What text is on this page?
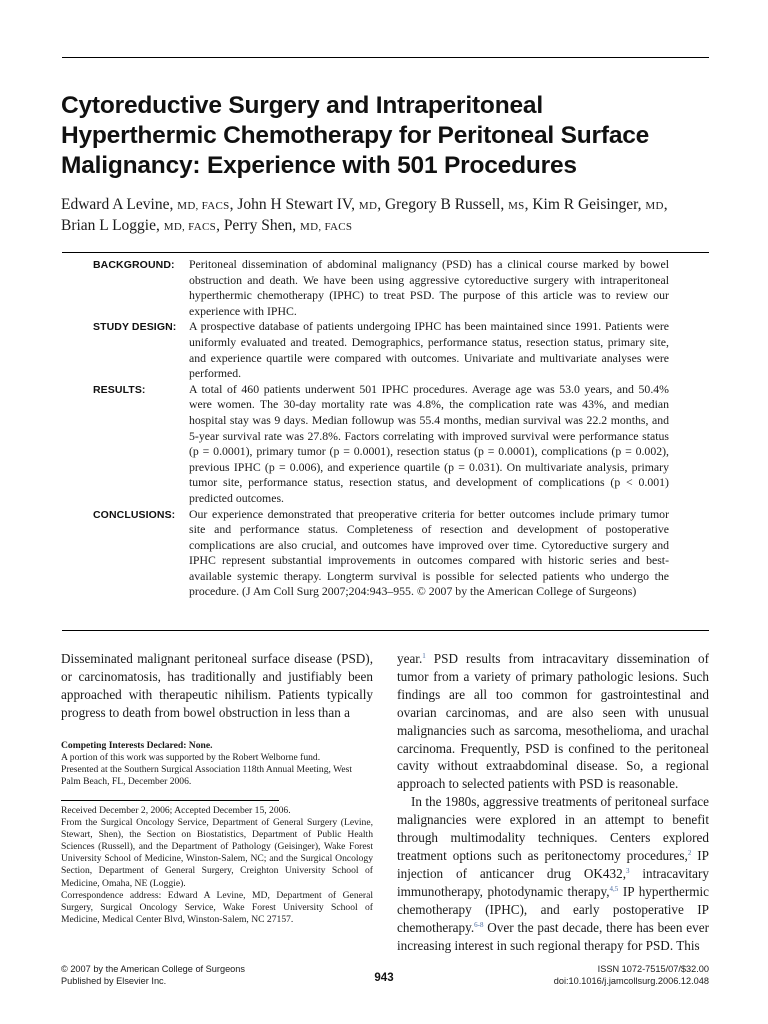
Cytoreductive Surgery and Intraperitoneal
Hyperthermic Chemotherapy for Peritoneal Surface
Malignancy: Experience with 501 Procedures
Edward A Levine, MD, FACS, John H Stewart IV, MD, Gregory B Russell, MS, Kim R Geisinger, MD,
Brian L Loggie, MD, FACS, Perry Shen, MD, FACS
BACKGROUND: Peritoneal dissemination of abdominal malignancy (PSD) has a clinical course marked by bowel obstruction and death. We have been using aggressive cytoreductive surgery with intraperitoneal hyperthermic chemotherapy (IPHC) to treat PSD. The purpose of this article was to review our experience with IPHC.
STUDY DESIGN: A prospective database of patients undergoing IPHC has been maintained since 1991. Patients were uniformly evaluated and treated. Demographics, performance status, resection status, primary site, and experience quartile were compared with outcomes. Univariate and multivariate analyses were performed.
RESULTS:	A total of 460 patients underwent 501 IPHC procedures. Average age was 53.0 years, and 50.4% were women. The 30-day mortality rate was 4.8%, the complication rate was 43%, and median hospital stay was 9 days. Median followup was 55.4 months, median survival was 22.2 months, and 5-year survival rate was 27.8%. Factors correlating with improved survival were performance status (p = 0.0001), primary tumor (p = 0.0001), resection status (p = 0.0001), complications (p = 0.002), previous IPHC (p = 0.006), and experience quartile (p = 0.031). On multivariate analysis, primary tumor site, performance status, resection status, and development of complications (p < 0.001) predicted outcomes.
CONCLUSIONS: Our experience demonstrated that preoperative criteria for better outcomes include primary tumor site and performance status. Completeness of resection and development of postoperative complications are also crucial, and outcomes have improved over time. Cytoreductive surgery and IPHC represent substantial improvements in outcomes compared with historic series and best-available systemic therapy. Longterm survival is possible for selected patients who undergo the procedure. (J Am Coll Surg 2007;204:943–955. © 2007 by the American College of Surgeons)

Disseminated malignant peritoneal surface disease (PSD), or carcinomatosis, has traditionally and justifiably been approached with therapeutic nihilism. Patients typically progress to death from bowel obstruction in less than a

Competing Interests Declared: None.

A portion of this work was supported by the Robert Welborne fund.

Presented at the Southern Surgical Association 118th Annual Meeting, West Palm Beach, FL, December 2006.

Received December 2, 2006; Accepted December 15, 2006.

From the Surgical Oncology Service, Department of General Surgery (Levine, Stewart, Shen), the Section on Biostatistics, Department of Public Health Sciences (Russell), and the Department of Pathology (Geisinger), Wake Forest University School of Medicine, Winston-Salem, NC; and the Surgical Oncology Section, Department of General Surgery, Creighton University School of Medicine, Omaha, NE (Loggie).

Correspondence address: Edward A Levine, MD, Department of General Surgery, Surgical Oncology Service, Wake Forest University School of Medicine, Medical Center Blvd, Winston-Salem, NC 27157.

year.$^1$ PSD results from intracavitary dissemination of tumor from a variety of primary pathologic lesions. Such findings are all too common for gastrointestinal and ovarian carcinomas, and are also seen with unusual malignancies such as sarcoma, mesothelioma, and urachal carcinoma. Frequently, PSD is confined to the peritoneal cavity without extraabdominal disease. So, a regional approach to selected patients with PSD is reasonable.

In the 1980s, aggressive treatments of peritoneal surface malignancies were explored in an attempt to benefit through multimodality techniques. Centers explored treatment options such as peritonectomy procedures,$^2$ IP injection of anticancer drug OK432,$^3$ intracavitary immunotherapy, photodynamic therapy,$^{4,5}$ IP hyperthermic chemotherapy (IPHC), and early postoperative IP chemotherapy.$^{6-8}$ Over the past decade, there has been ever increasing interest in such regional therapy for PSD. This

© 2007 by the American College of Surgeons
Published by Elsevier Inc.	943
ISSN 1072-7515/07/$32.00
doi:10.1016/j.jamcollsurg.2006.12.048
